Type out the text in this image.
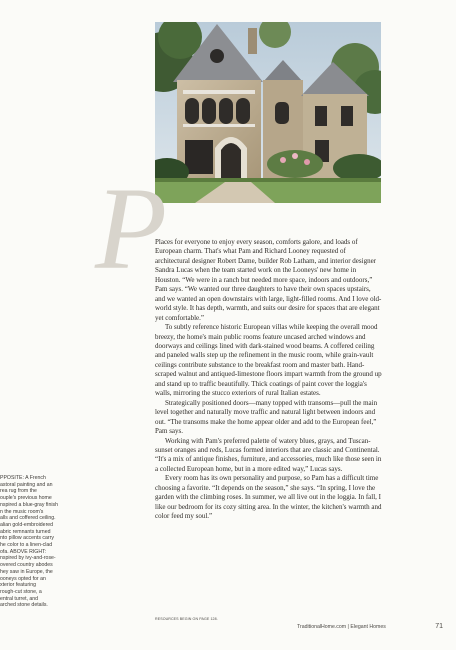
P

Places for everyone to enjoy every season, comforts galore, and loads of European charm. That's what Pam and Richard Looney requested of architectural designer Robert Dame, builder Rob Latham, and interior designer Sandra Lucas when the team started work on the Looneys' new home in Houston. “We were in a ranch but needed more space, indoors and outdoors,” Pam says. “We wanted our three daughters to have their own spaces upstairs, and we wanted an open downstairs with large, light-filled rooms. And I love old-world style. It has depth, warmth, and suits our desire for spaces that are elegant yet comfortable.”

To subtly reference historic European villas while keeping the overall mood breezy, the home's main public rooms feature uncased arched windows and doorways and ceilings lined with dark-stained wood beams. A coffered ceiling and paneled walls step up the refinement in the music room, while grain-vault ceilings contribute substance to the breakfast room and master bath. Hand-scraped walnut and antiqued-limestone floors impart warmth from the ground up and stand up to traffic beautifully. Thick coatings of paint cover the loggia's walls, mirroring the stucco exteriors of rural Italian estates.

Strategically positioned doors—many topped with transoms—pull the main level together and naturally move traffic and natural light between indoors and out. “The transoms make the home appear older and add to the European feel,” Pam says.

Working with Pam's preferred palette of watery blues, grays, and Tuscan-sunset oranges and reds, Lucas formed interiors that are classic and Continental. “It's a mix of antique finishes, furniture, and accessories, much like those seen in a collected European home, but in a more edited way,” Lucas says.

Every room has its own personality and purpose, so Pam has a difficult time choosing a favorite. “It depends on the season,” she says. “In spring, I love the garden with the climbing roses. In summer, we all live out in the loggia. In fall, I like our bedroom for its cozy sitting area. In the winter, the kitchen's warmth and color feed my soul.”

RESOURCES BEGIN ON PAGE 128.
PPOSITE: A French
astoral painting and an
rea rug from the
ouple's previous home
nspired a blue-gray finish
n the music room's
alls and coffered ceiling.
alian gold-embroidered
abric remnants turned
nto pillow accents carry
he color to a linen-clad
ofa. ABOVE RIGHT:
nspired by ivy-and-rose-
overed country abodes
hey saw in Europe, the
ooneys opted for an
xterior featuring
rough-cut stone, a
entral turret, and
arched stone details.
TraditionalHome.com | Elegant Homes	71
